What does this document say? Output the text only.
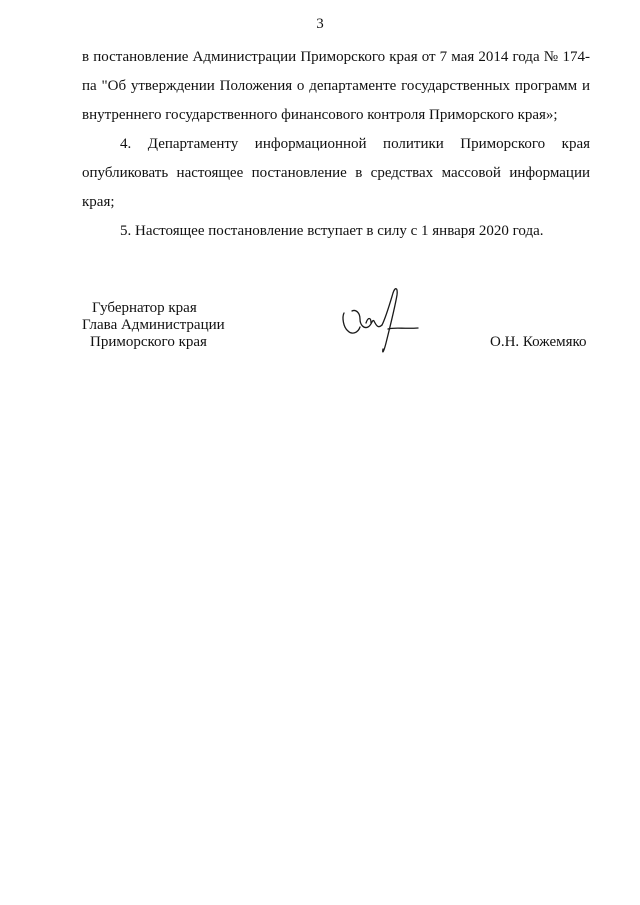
3

в постановление Администрации Приморского края от 7 мая 2014 года № 174-па "Об утверждении Положения о департаменте государственных программ и внутреннего государственного финансового контроля Приморского края»;

4. Департаменту информационной политики Приморского края опубликовать настоящее постановление в средствах массовой информации края;

5. Настоящее постановление вступает в силу с 1 января 2020 года.

Губернатор края
Глава Администрации
Приморского края	О.Н. Кожемяко
